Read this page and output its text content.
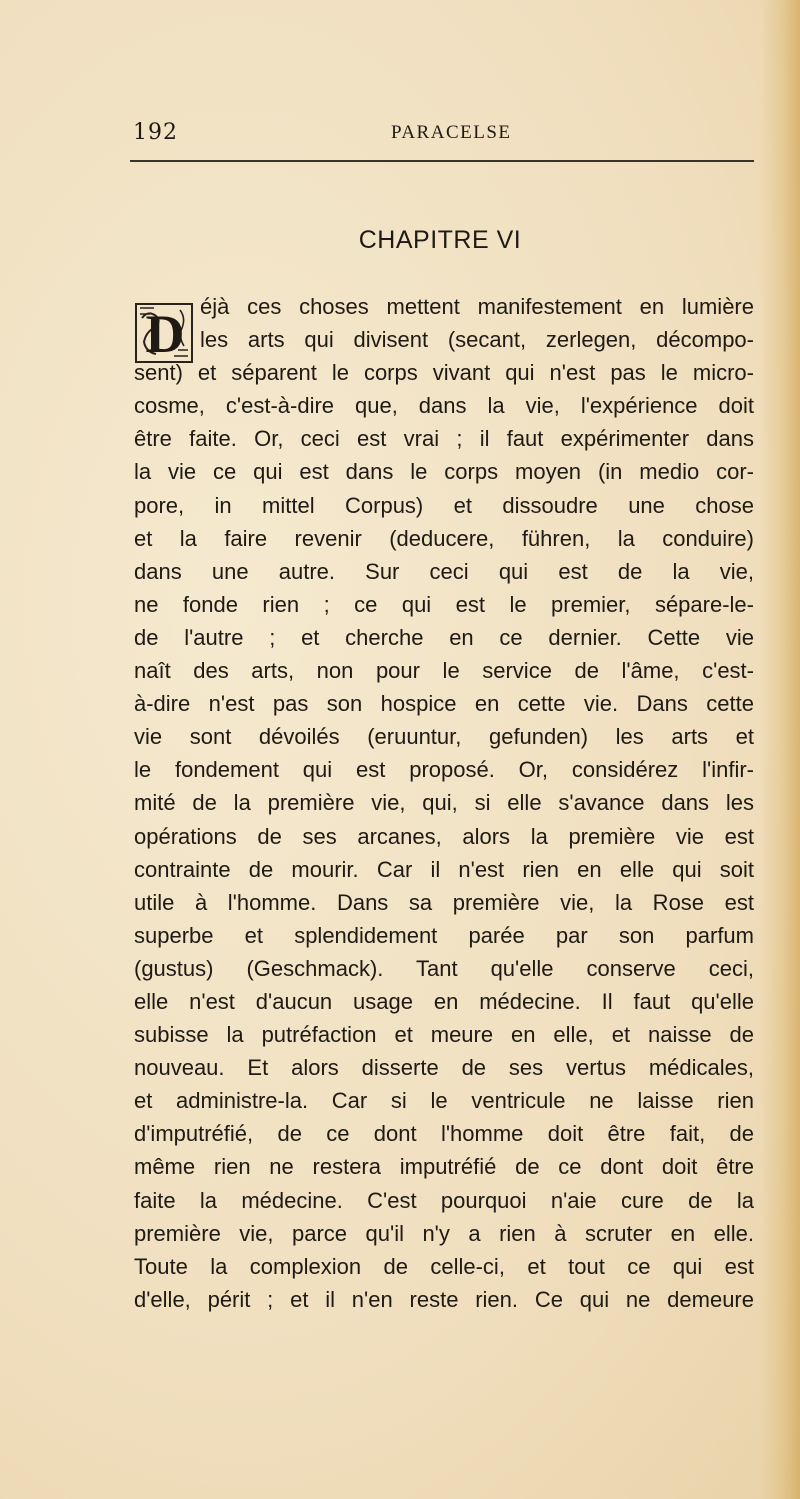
192	PARACELSE
CHAPITRE VI
D éjà ces choses mettent manifestement en lumière
les arts qui divisent (secant, zerlegen, décompo-
sent) et séparent le corps vivant qui n'est pas le micro-
cosme, c'est-à-dire que, dans la vie, l'expérience doit
être faite. Or, ceci est vrai ; il faut expérimenter dans
la vie ce qui est dans le corps moyen (in medio cor-
pore, in mittel Corpus) et dissoudre une chose
et la faire revenir (deducere, führen, la conduire)
dans une autre. Sur ceci qui est de la vie,
ne fonde rien ; ce qui est le premier, sépare-le-
de l'autre ; et cherche en ce dernier. Cette vie
naît des arts, non pour le service de l'âme, c'est-
à-dire n'est pas son hospice en cette vie. Dans cette
vie sont dévoilés (eruuntur, gefunden) les arts et
le fondement qui est proposé. Or, considérez l'infir-
mité de la première vie, qui, si elle s'avance dans les
opérations de ses arcanes, alors la première vie est
contrainte de mourir. Car il n'est rien en elle qui soit
utile à l'homme. Dans sa première vie, la Rose est
superbe et splendidement parée par son parfum
(gustus) (Geschmack). Tant qu'elle conserve ceci,
elle n'est d'aucun usage en médecine. Il faut qu'elle
subisse la putréfaction et meure en elle, et naisse de
nouveau. Et alors disserte de ses vertus médicales,
et administre-la. Car si le ventricule ne laisse rien
d'imputréfié, de ce dont l'homme doit être fait, de
même rien ne restera imputréfié de ce dont doit être
faite la médecine. C'est pourquoi n'aie cure de la
première vie, parce qu'il n'y a rien à scruter en elle.
Toute la complexion de celle-ci, et tout ce qui est
d'elle, périt ; et il n'en reste rien. Ce qui ne demeure
